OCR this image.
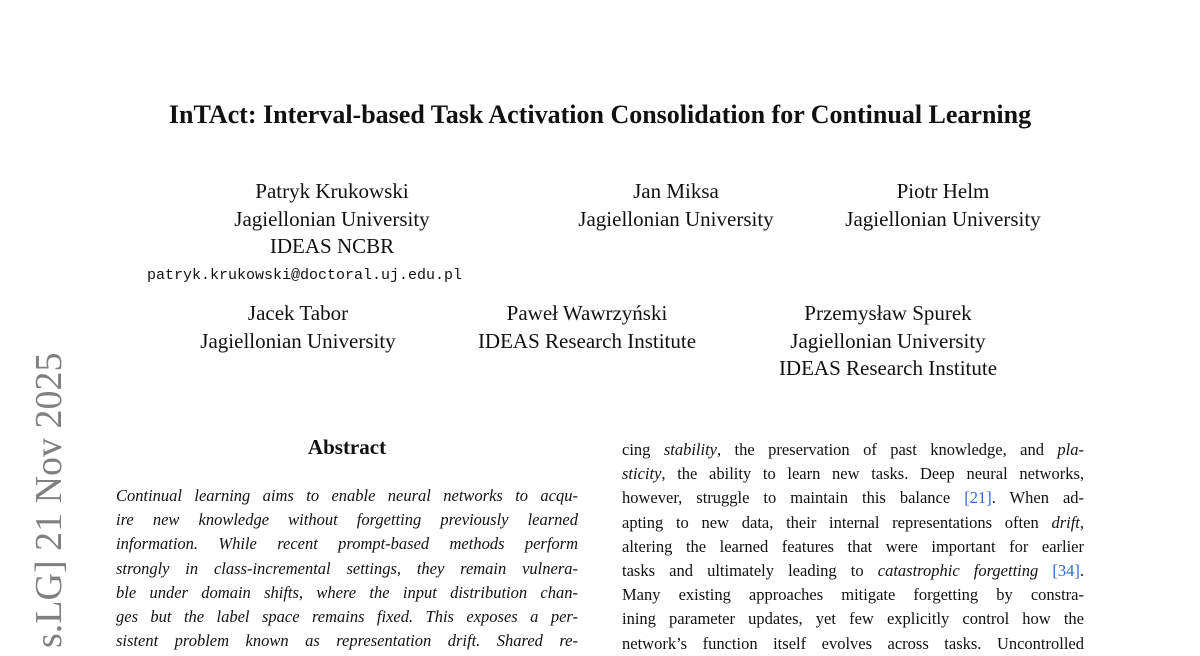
InTAct: Interval-based Task Activation Consolidation for Continual Learning
Patryk Krukowski
Jagiellonian University
IDEAS NCBR
patryk.krukowski@doctoral.uj.edu.pl
Jan Miksa
Jagiellonian University
Piotr Helm
Jagiellonian University
Jacek Tabor
Jagiellonian University
Paweł Wawrzyński
IDEAS Research Institute
Przemysław Spurek
Jagiellonian University
IDEAS Research Institute
s.LG] 21 Nov 2025	Abstract
Continual learning aims to enable neural networks to acqu-
ire new knowledge without forgetting previously learned
information. While recent prompt-based methods perform
strongly in class-incremental settings, they remain vulnera-
ble under domain shifts, where the input distribution chan-
ges but the label space remains fixed. This exposes a per-
sistent problem known as representation drift. Shared re-
cing stability, the preservation of past knowledge, and pla-
sticity, the ability to learn new tasks. Deep neural networks,
however, struggle to maintain this balance [21]. When ad-
apting to new data, their internal representations often drift,
altering the learned features that were important for earlier
tasks and ultimately leading to catastrophic forgetting [34].
Many existing approaches mitigate forgetting by constra-
ining parameter updates, yet few explicitly control how the
network’s function itself evolves across tasks. Uncontrolled
